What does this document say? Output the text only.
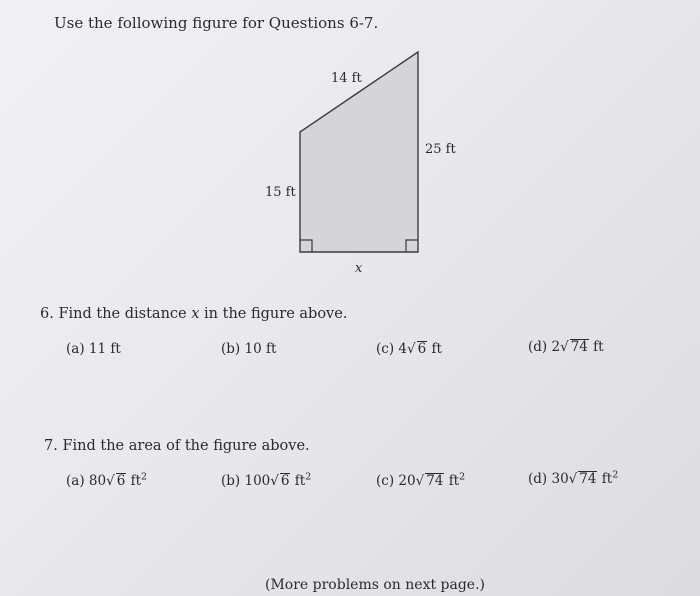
Use the following figure for Questions 6-7.
14 ft
25 ft
15 ft
x
6. Find the distance x in the figure above.
(a) 11 ft	(b) 10 ft	(c) 4√ 6 ft	(d) 2√ 74 ft
7. Find the area of the figure above.
(a) 80√ 6 $ft^2$	(b) 100√ 6 $ft^2$	(c) 20√ 74 $ft^2$	(d) 30√ 74 $ft^2$
(More problems on next page.)
